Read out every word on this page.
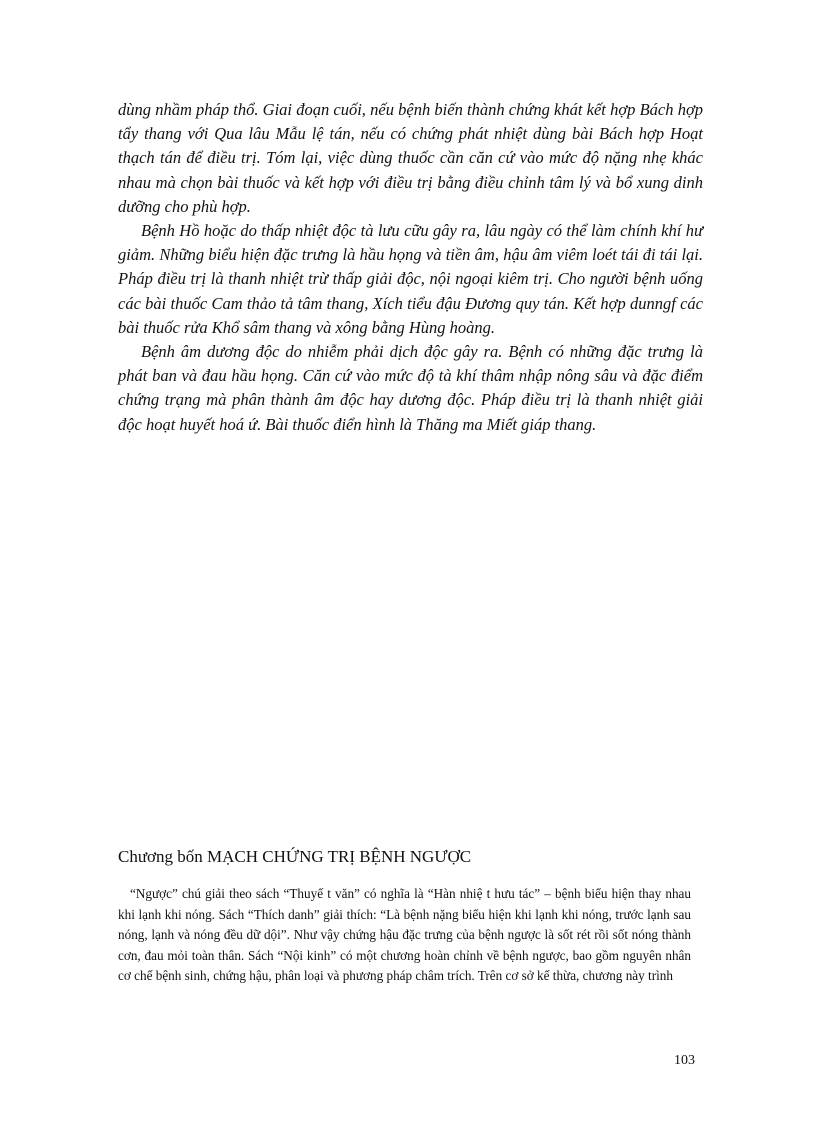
dùng nhầm pháp thổ. Giai đoạn cuối, nếu bệnh biến thành chứng khát kết hợp Bách hợp tẩy thang với Qua lâu Mẫu lệ tán, nếu có chứng phát nhiệt dùng bài Bách hợp Hoạt thạch tán để điều trị. Tóm lại, việc dùng thuốc cần căn cứ vào mức độ nặng nhẹ khác nhau mà chọn bài thuốc và kết hợp với điều trị bằng điều chỉnh tâm lý và bổ xung dinh dưỡng cho phù hợp.

Bệnh Hồ hoặc do thấp nhiệt độc tà lưu cữu gây ra, lâu ngày có thể làm chính khí hư giảm. Những biểu hiện đặc trưng là hầu họng và tiền âm, hậu âm viêm loét tái đi tái lại. Pháp điều trị là thanh nhiệt trừ thấp giải độc, nội ngoại kiêm trị. Cho người bệnh uống các bài thuốc Cam thảo tả tâm thang, Xích tiểu đậu Đương quy tán. Kết hợp dunngf các bài thuốc rửa Khổ sâm thang và xông bằng Hùng hoàng.

Bệnh âm dương độc do nhiễm phải dịch độc gây ra. Bệnh có những đặc trưng là phát ban và đau hầu họng. Căn cứ vào mức độ tà khí thâm nhập nông sâu và đặc điểm chứng trạng mà phân thành âm độc hay dương độc. Pháp điều trị là thanh nhiệt giải độc hoạt huyết hoá ứ. Bài thuốc điển hình là Thăng ma Miết giáp thang.

Chương bốn MẠCH CHỨNG TRỊ BỆNH NGƯỢC

“Ngược” chú giải theo sách “Thuyế t văn” có nghĩa là “Hàn nhiệ t hưu tác” – bệnh biểu hiện thay nhau khi lạnh khi nóng. Sách “Thích danh” giải thích: “Là bệnh nặng biểu hiện khi lạnh khi nóng, trước lạnh sau nóng, lạnh và nóng đều dữ dội”. Như vậy chứng hậu đặc trưng của bệnh ngược là sốt rét rồi sốt nóng thành cơn, đau mỏi toàn thân. Sách “Nội kinh” có một chương hoàn chỉnh về bệnh ngược, bao gồm nguyên nhân cơ chế bệnh sinh, chứng hậu, phân loại và phương pháp châm trích. Trên cơ sở kế thừa, chương này trình

103
